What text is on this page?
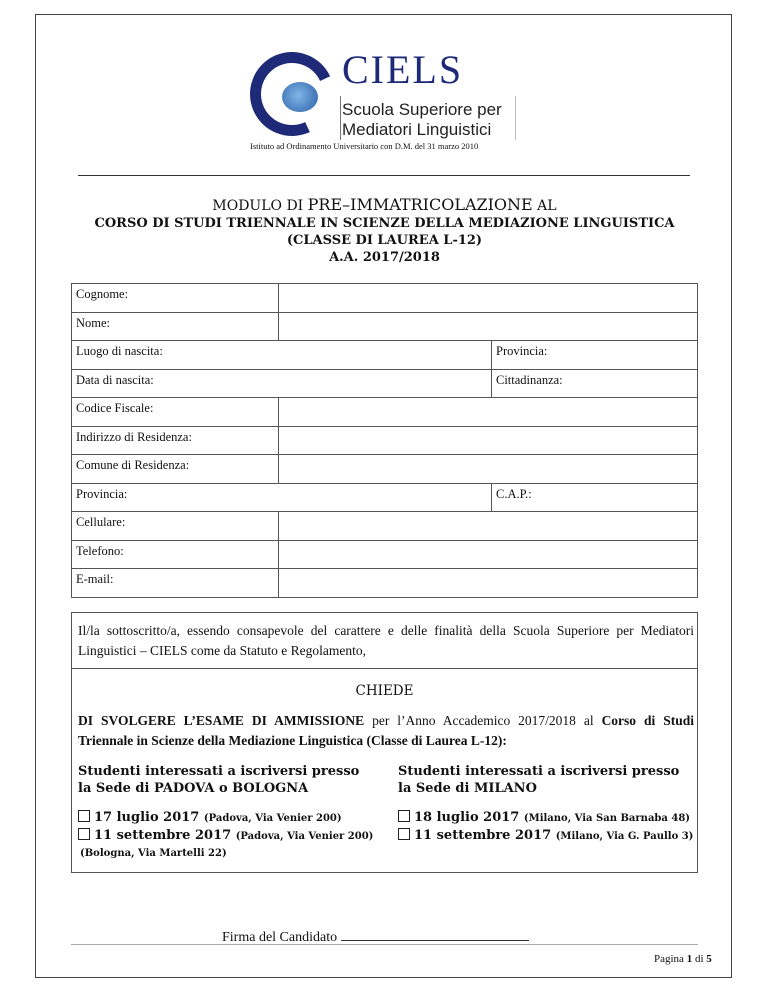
CIELS
Scuola Superiore per
Mediatori Linguistici
Istituto ad Ordinamento Universitario con D.M. del 31 marzo 2010
MODULO DI PRE–IMMATRICOLAZIONE AL
CORSO DI STUDI TRIENNALE IN SCIENZE DELLA MEDIAZIONE LINGUISTICA
(CLASSE DI LAUREA L-12)
A.A. 2017/2018
Cognome:		
Nome:		
Luogo di nascita:		Provincia:
Data di nascita:		Cittadinanza:
Codice Fiscale:		
Indirizzo di Residenza:		
Comune di Residenza:		
Provincia:		C.A.P.:
Cellulare:		
Telefono:		
E-mail:		
Il/la sottoscritto/a, essendo consapevole del carattere e delle finalità della Scuola Superiore per Mediatori Linguistici – CIELS come da Statuto e Regolamento,
CHIEDE
DI SVOLGERE L’ESAME DI AMMISSIONE per l’Anno Accademico 2017/2018 al Corso di Studi Triennale in Scienze della Mediazione Linguistica (Classe di Laurea L-12):
Studenti interessati a iscriversi presso
la Sede di PADOVA o BOLOGNA
17 luglio 2017 (Padova, Via Venier 200)
11 settembre 2017 (Padova, Via Venier 200)
(Bologna, Via Martelli 22)
Studenti interessati a iscriversi presso
la Sede di MILANO
18 luglio 2017 (Milano, Via San Barnaba 48)
11 settembre 2017 (Milano, Via G. Paullo 3)
Firma del Candidato
Pagina 1 di 5
